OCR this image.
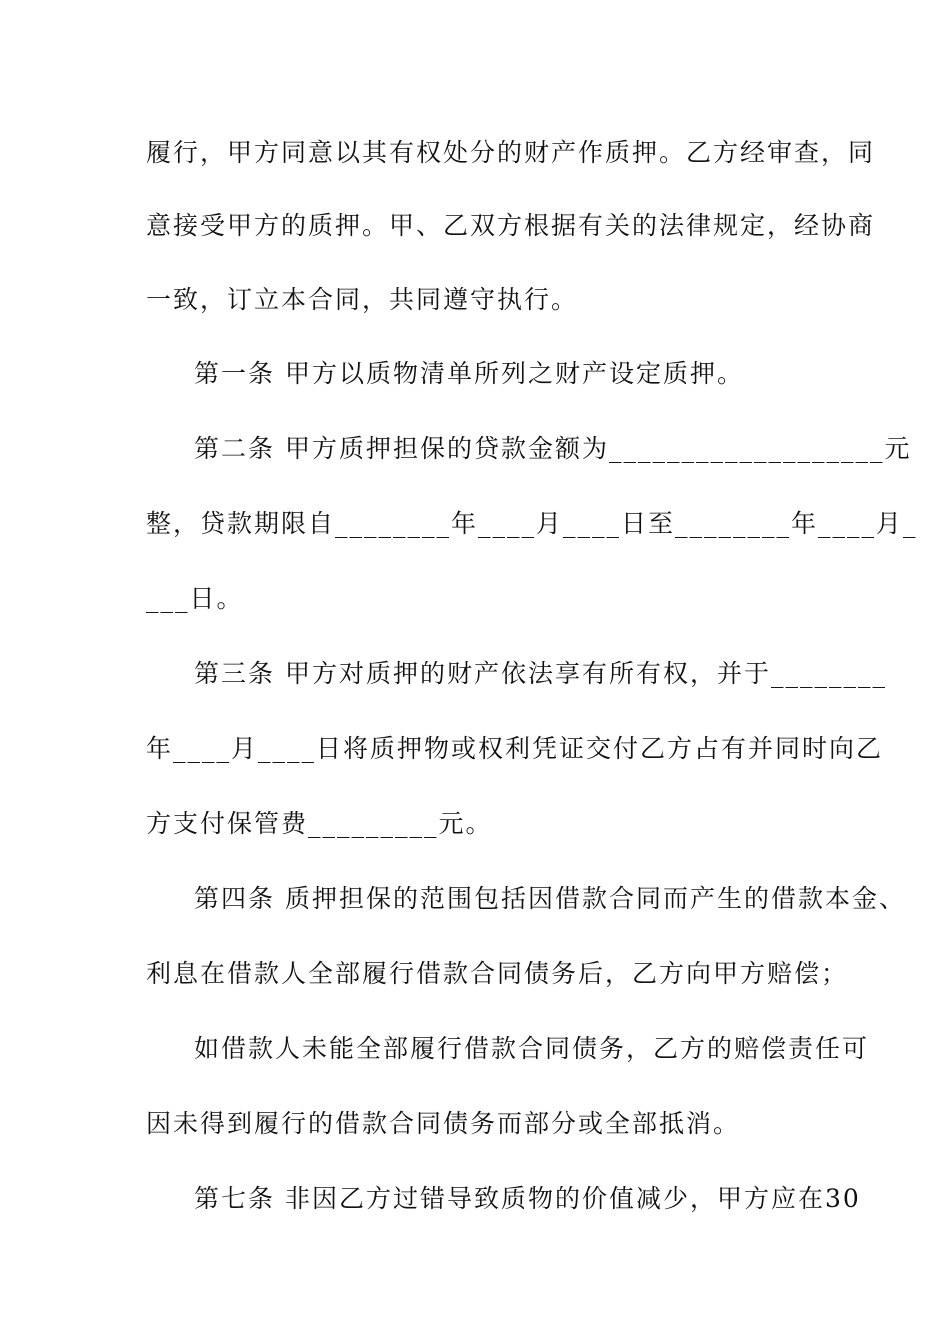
履行，甲方同意以其有权处分的财产作质押。乙方经审查，同
意接受甲方的质押。甲、乙双方根据有关的法律规定，经协商
一致，订立本合同，共同遵守执行。
第一条 甲方以质物清单所列之财产设定质押。
第二条 甲方质押担保的贷款金额为___________________元
整，贷款期限自________年____月____日至________年____月_
___日。
第三条 甲方对质押的财产依法享有所有权，并于________
年____月____日将质押物或权利凭证交付乙方占有并同时向乙
方支付保管费_________元。
第四条 质押担保的范围包括因借款合同而产生的借款本金、
利息在借款人全部履行借款合同债务后，乙方向甲方赔偿；
如借款人未能全部履行借款合同债务，乙方的赔偿责任可
因未得到履行的借款合同债务而部分或全部抵消。
第七条 非因乙方过错导致质物的价值减少，甲方应在30
